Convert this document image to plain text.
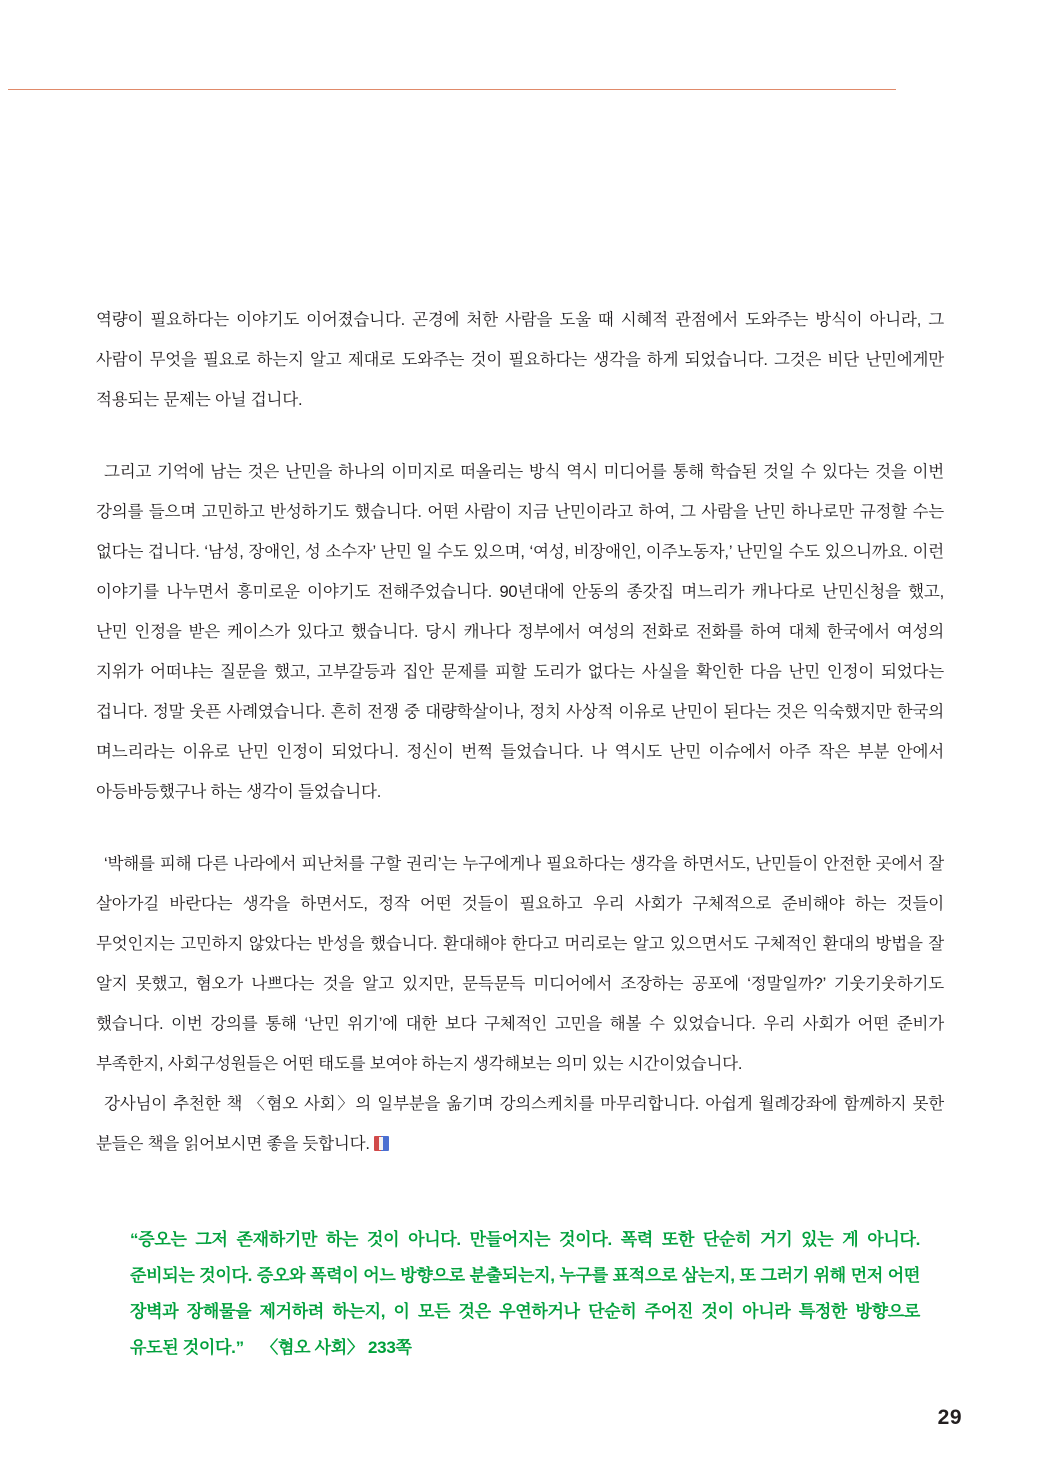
역량이 필요하다는 이야기도 이어졌습니다. 곤경에 처한 사람을 도울 때 시혜적 관점에서 도와주는 방식이 아니라, 그 사람이 무엇을 필요로 하는지 알고 제대로 도와주는 것이 필요하다는 생각을 하게 되었습니다. 그것은 비단 난민에게만 적용되는 문제는 아닐 겁니다.

그리고 기억에 남는 것은 난민을 하나의 이미지로 떠올리는 방식 역시 미디어를 통해 학습된 것일 수 있다는 것을 이번 강의를 들으며 고민하고 반성하기도 했습니다. 어떤 사람이 지금 난민이라고 하여, 그 사람을 난민 하나로만 규정할 수는 없다는 겁니다. ‘남성, 장애인, 성 소수자’ 난민 일 수도 있으며, ‘여성, 비장애인, 이주노동자,’ 난민일 수도 있으니까요. 이런 이야기를 나누면서 흥미로운 이야기도 전해주었습니다. 90년대에 안동의 종갓집 며느리가 캐나다로 난민신청을 했고, 난민 인정을 받은 케이스가 있다고 했습니다. 당시 캐나다 정부에서 여성의 전화로 전화를 하여 대체 한국에서 여성의 지위가 어떠냐는 질문을 했고, 고부갈등과 집안 문제를 피할 도리가 없다는 사실을 확인한 다음 난민 인정이 되었다는 겁니다. 정말 웃픈 사례였습니다. 흔히 전쟁 중 대량학살이나, 정치 사상적 이유로 난민이 된다는 것은 익숙했지만 한국의 며느리라는 이유로 난민 인정이 되었다니. 정신이 번쩍 들었습니다. 나 역시도 난민 이슈에서 아주 작은 부분 안에서 아등바등했구나 하는 생각이 들었습니다.

‘박해를 피해 다른 나라에서 피난처를 구할 권리’는 누구에게나 필요하다는 생각을 하면서도, 난민들이 안전한 곳에서 잘 살아가길 바란다는 생각을 하면서도, 정작 어떤 것들이 필요하고 우리 사회가 구체적으로 준비해야 하는 것들이 무엇인지는 고민하지 않았다는 반성을 했습니다. 환대해야 한다고 머리로는 알고 있으면서도 구체적인 환대의 방법을 잘 알지 못했고, 혐오가 나쁘다는 것을 알고 있지만, 문득문득 미디어에서 조장하는 공포에 ‘정말일까?’ 기웃기웃하기도 했습니다. 이번 강의를 통해 ‘난민 위기’에 대한 보다 구체적인 고민을 해볼 수 있었습니다. 우리 사회가 어떤 준비가 부족한지, 사회구성원들은 어떤 태도를 보여야 하는지 생각해보는 의미 있는 시간이었습니다.

강사님이 추천한 책 〈혐오 사회〉의 일부분을 옮기며 강의스케치를 마무리합니다. 아쉽게 월례강좌에 함께하지 못한 분들은 책을 읽어보시면 좋을 듯합니다.

“증오는 그저 존재하기만 하는 것이 아니다. 만들어지는 것이다. 폭력 또한 단순히 거기 있는 게 아니다. 준비되는 것이다. 증오와 폭력이 어느 방향으로 분출되는지, 누구를 표적으로 삼는지, 또 그러기 위해 먼저 어떤 장벽과 장해물을 제거하려 하는지, 이 모든 것은 우연하거나 단순히 주어진 것이 아니라 특정한 방향으로 유도된 것이다.” 〈혐오 사회〉 233쪽

29
